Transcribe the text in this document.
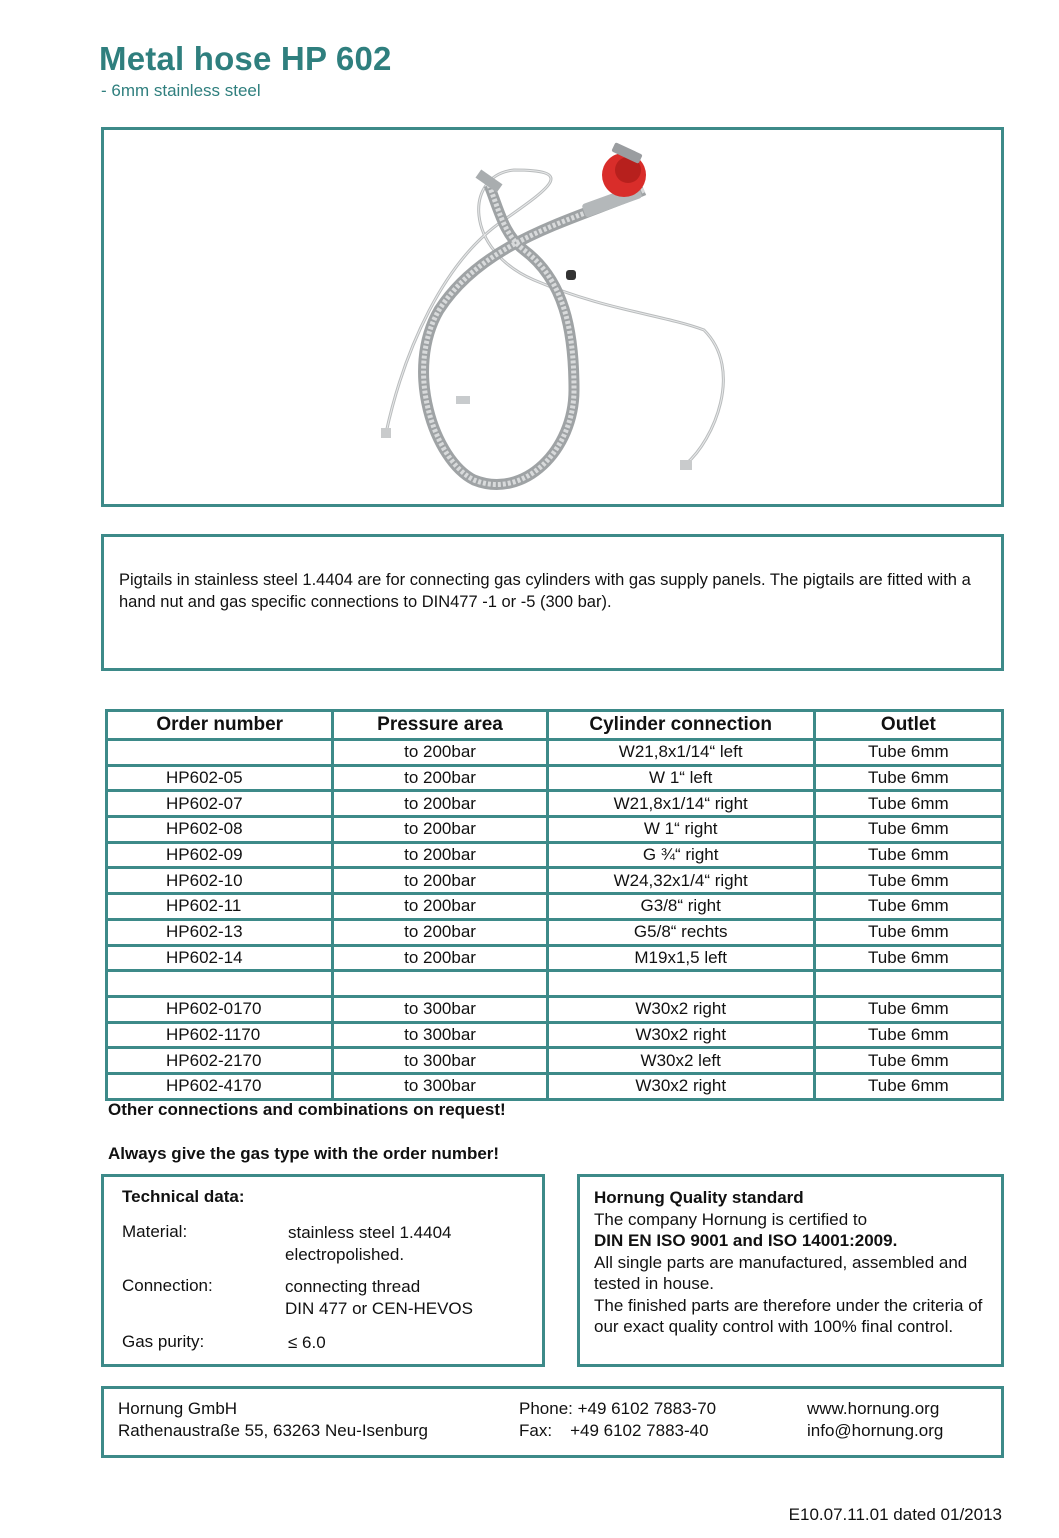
Metal hose HP 602
- 6mm stainless steel
Pigtails in stainless steel 1.4404 are for connecting gas cylinders with gas supply panels. The pigtails are fitted with a hand nut and gas specific connections to DIN477 -1 or -5 (300 bar).
Order number	Pressure area	Cylinder connection	Outlet
	to 200bar	W21,8x1/14“ left	Tube 6mm
HP602-05	to 200bar	W 1“ left	Tube 6mm
HP602-07	to 200bar	W21,8x1/14“ right	Tube 6mm
HP602-08	to 200bar	W 1“ right	Tube 6mm
HP602-09	to 200bar	G ¾“ right	Tube 6mm
HP602-10	to 200bar	W24,32x1/4“ right	Tube 6mm
HP602-11	to 200bar	G3/8“ right	Tube 6mm
HP602-13	to 200bar	G5/8“ rechts	Tube 6mm
HP602-14	to 200bar	M19x1,5 left	Tube 6mm

HP602-0170	to 300bar	W30x2 right	Tube 6mm
HP602-1170	to 300bar	W30x2 right	Tube 6mm
HP602-2170	to 300bar	W30x2 left	Tube 6mm
HP602-4170	to 300bar	W30x2 right	Tube 6mm
Other connections and combinations on request!
Always give the gas type with the order number!
Technical data:
Material:	stainless steel 1.4404
electropolished.
Connection:	connecting thread
DIN 477 or CEN-HEVOS
Gas purity:	≤ 6.0
Hornung Quality standard
The company Hornung is certified to
DIN EN ISO 9001 and ISO 14001:2009.
All single parts are manufactured, assembled and tested in house.
The finished parts are therefore under the criteria of our exact quality control with 100% final control.
Hornung GmbH
Rathenaustraße 55, 63263 Neu-Isenburg
Phone: +49 6102 7883-70
Fax: +49 6102 7883-40
www.hornung.org
info@hornung.org
E10.07.11.01 dated 01/2013
